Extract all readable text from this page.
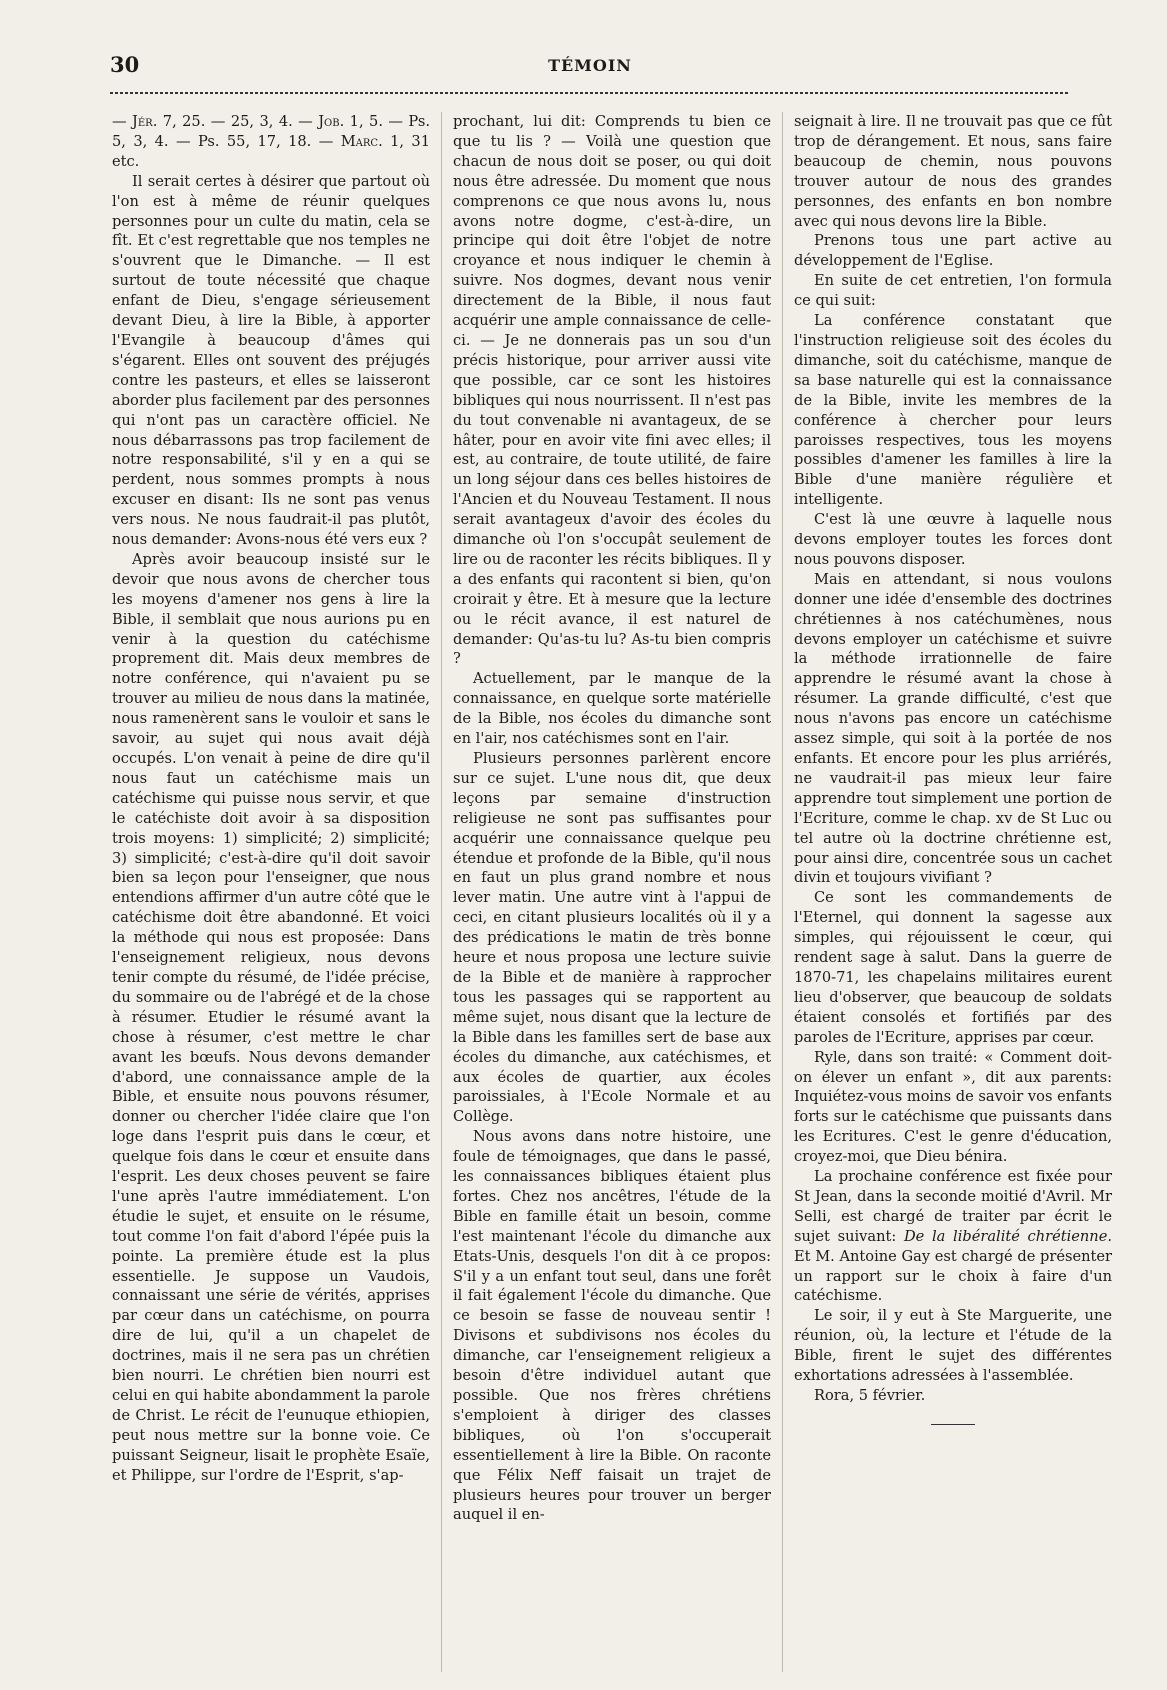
30	TÉMOIN

— Jér. 7, 25. — 25, 3, 4. — Job. 1, 5. — Ps. 5, 3, 4. — Ps. 55, 17, 18. — Marc. 1, 31 etc.

Il serait certes à désirer que partout où l'on est à même de réunir quelques personnes pour un culte du matin, cela se fît. Et c'est regrettable que nos temples ne s'ouvrent que le Dimanche. — Il est surtout de toute nécessité que chaque enfant de Dieu, s'engage sérieusement devant Dieu, à lire la Bible, à apporter l'Evangile à beaucoup d'âmes qui s'égarent. Elles ont souvent des préjugés contre les pasteurs, et elles se laisseront aborder plus facilement par des personnes qui n'ont pas un caractère officiel. Ne nous débarrassons pas trop facilement de notre responsabilité, s'il y en a qui se perdent, nous sommes prompts à nous excuser en disant: Ils ne sont pas venus vers nous. Ne nous faudrait-il pas plutôt, nous demander: Avons-nous été vers eux ?

Après avoir beaucoup insisté sur le devoir que nous avons de chercher tous les moyens d'amener nos gens à lire la Bible, il semblait que nous aurions pu en venir à la question du catéchisme proprement dit. Mais deux membres de notre conférence, qui n'avaient pu se trouver au milieu de nous dans la matinée, nous ramenèrent sans le vouloir et sans le savoir, au sujet qui nous avait déjà occupés. L'on venait à peine de dire qu'il nous faut un catéchisme mais un catéchisme qui puisse nous servir, et que le catéchiste doit avoir à sa disposition trois moyens: 1) simplicité; 2) simplicité; 3) simplicité; c'est-à-dire qu'il doit savoir bien sa leçon pour l'enseigner, que nous entendions affirmer d'un autre côté que le catéchisme doit être abandonné. Et voici la méthode qui nous est proposée: Dans l'enseignement religieux, nous devons tenir compte du résumé, de l'idée précise, du sommaire ou de l'abrégé et de la chose à résumer. Etudier le résumé avant la chose à résumer, c'est mettre le char avant les bœufs. Nous devons demander d'abord, une connaissance ample de la Bible, et ensuite nous pouvons résumer, donner ou chercher l'idée claire que l'on loge dans l'esprit puis dans le cœur, et quelque fois dans le cœur et ensuite dans l'esprit. Les deux choses peuvent se faire l'une après l'autre immédiatement. L'on étudie le sujet, et ensuite on le résume, tout comme l'on fait d'abord l'épée puis la pointe. La première étude est la plus essentielle. Je suppose un Vaudois, connaissant une série de vérités, apprises par cœur dans un catéchisme, on pourra dire de lui, qu'il a un chapelet de doctrines, mais il ne sera pas un chrétien bien nourri. Le chrétien bien nourri est celui en qui habite abondamment la parole de Christ. Le récit de l'eunuque ethiopien, peut nous mettre sur la bonne voie. Ce puissant Seigneur, lisait le prophète Esaïe, et Philippe, sur l'ordre de l'Esprit, s'ap-

prochant, lui dit: Comprends tu bien ce que tu lis ? — Voilà une question que chacun de nous doit se poser, ou qui doit nous être adressée. Du moment que nous comprenons ce que nous avons lu, nous avons notre dogme, c'est-à-dire, un principe qui doit être l'objet de notre croyance et nous indiquer le chemin à suivre. Nos dogmes, devant nous venir directement de la Bible, il nous faut acquérir une ample connaissance de celle-ci. — Je ne donnerais pas un sou d'un précis historique, pour arriver aussi vite que possible, car ce sont les histoires bibliques qui nous nourrissent. Il n'est pas du tout convenable ni avantageux, de se hâter, pour en avoir vite fini avec elles; il est, au contraire, de toute utilité, de faire un long séjour dans ces belles histoires de l'Ancien et du Nouveau Testament. Il nous serait avantageux d'avoir des écoles du dimanche où l'on s'occupât seulement de lire ou de raconter les récits bibliques. Il y a des enfants qui racontent si bien, qu'on croirait y être. Et à mesure que la lecture ou le récit avance, il est naturel de demander: Qu'as-tu lu? As-tu bien compris ?

Actuellement, par le manque de la connaissance, en quelque sorte matérielle de la Bible, nos écoles du dimanche sont en l'air, nos catéchismes sont en l'air.

Plusieurs personnes parlèrent encore sur ce sujet. L'une nous dit, que deux leçons par semaine d'instruction religieuse ne sont pas suffisantes pour acquérir une connaissance quelque peu étendue et profonde de la Bible, qu'il nous en faut un plus grand nombre et nous lever matin. Une autre vint à l'appui de ceci, en citant plusieurs localités où il y a des prédications le matin de très bonne heure et nous proposa une lecture suivie de la Bible et de manière à rapprocher tous les passages qui se rapportent au même sujet, nous disant que la lecture de la Bible dans les familles sert de base aux écoles du dimanche, aux catéchismes, et aux écoles de quartier, aux écoles paroissiales, à l'Ecole Normale et au Collège.

Nous avons dans notre histoire, une foule de témoignages, que dans le passé, les connaissances bibliques étaient plus fortes. Chez nos ancêtres, l'étude de la Bible en famille était un besoin, comme l'est maintenant l'école du dimanche aux Etats-Unis, desquels l'on dit à ce propos: S'il y a un enfant tout seul, dans une forêt il fait également l'école du dimanche. Que ce besoin se fasse de nouveau sentir ! Divisons et subdivisons nos écoles du dimanche, car l'enseignement religieux a besoin d'être individuel autant que possible. Que nos frères chrétiens s'emploient à diriger des classes bibliques, où l'on s'occuperait essentiellement à lire la Bible. On raconte que Félix Neff faisait un trajet de plusieurs heures pour trouver un berger auquel il en-

seignait à lire. Il ne trouvait pas que ce fût trop de dérangement. Et nous, sans faire beaucoup de chemin, nous pouvons trouver autour de nous des grandes personnes, des enfants en bon nombre avec qui nous devons lire la Bible.

Prenons tous une part active au développement de l'Eglise.

En suite de cet entretien, l'on formula ce qui suit:

La conférence constatant que l'instruction religieuse soit des écoles du dimanche, soit du catéchisme, manque de sa base naturelle qui est la connaissance de la Bible, invite les membres de la conférence à chercher pour leurs paroisses respectives, tous les moyens possibles d'amener les familles à lire la Bible d'une manière régulière et intelligente.

C'est là une œuvre à laquelle nous devons employer toutes les forces dont nous pouvons disposer.

Mais en attendant, si nous voulons donner une idée d'ensemble des doctrines chrétiennes à nos catéchumènes, nous devons employer un catéchisme et suivre la méthode irrationnelle de faire apprendre le résumé avant la chose à résumer. La grande difficulté, c'est que nous n'avons pas encore un catéchisme assez simple, qui soit à la portée de nos enfants. Et encore pour les plus arriérés, ne vaudrait-il pas mieux leur faire apprendre tout simplement une portion de l'Ecriture, comme le chap. xv de St Luc ou tel autre où la doctrine chrétienne est, pour ainsi dire, concentrée sous un cachet divin et toujours vivifiant ?

Ce sont les commandements de l'Eternel, qui donnent la sagesse aux simples, qui réjouissent le cœur, qui rendent sage à salut. Dans la guerre de 1870-71, les chapelains militaires eurent lieu d'observer, que beaucoup de soldats étaient consolés et fortifiés par des paroles de l'Ecriture, apprises par cœur.

Ryle, dans son traité: « Comment doit-on élever un enfant », dit aux parents: Inquiétez-vous moins de savoir vos enfants forts sur le catéchisme que puissants dans les Ecritures. C'est le genre d'éducation, croyez-moi, que Dieu bénira.

La prochaine conférence est fixée pour St Jean, dans la seconde moitié d'Avril. Mr Selli, est chargé de traiter par écrit le sujet suivant: De la libéralité chrétienne. Et M. Antoine Gay est chargé de présenter un rapport sur le choix à faire d'un catéchisme.

Le soir, il y eut à Ste Marguerite, une réunion, où, la lecture et l'étude de la Bible, firent le sujet des différentes exhortations adressées à l'assemblée.

Rora, 5 février.
